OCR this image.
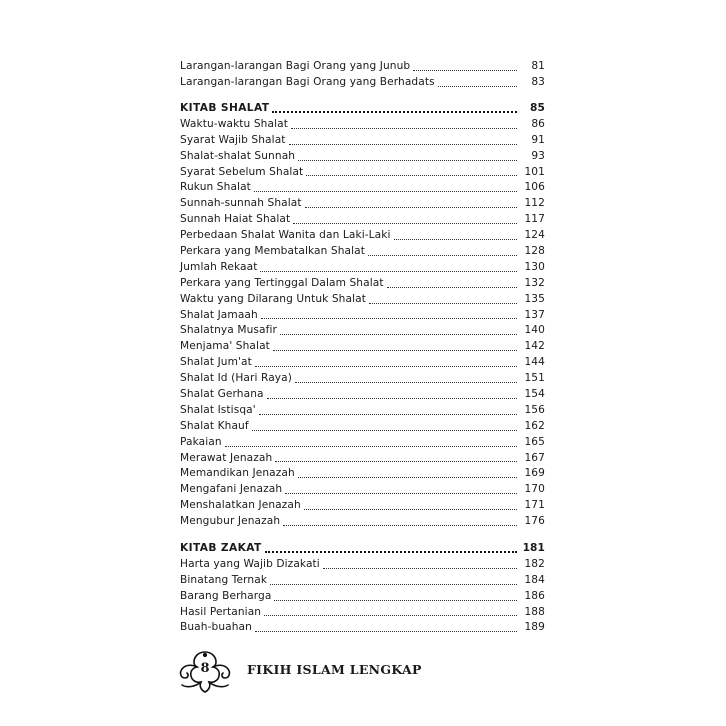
Larangan-larangan Bagi Orang yang Junub	81
Larangan-larangan Bagi Orang yang Berhadats	83
KITAB SHALAT	85
Waktu-waktu Shalat	86
Syarat Wajib Shalat	91
Shalat-shalat Sunnah	93
Syarat Sebelum Shalat	101
Rukun Shalat	106
Sunnah-sunnah Shalat	112
Sunnah Haiat Shalat	117
Perbedaan Shalat Wanita dan Laki-Laki	124
Perkara yang Membatalkan Shalat	128
Jumlah Rekaat	130
Perkara yang Tertinggal Dalam Shalat	132
Waktu yang Dilarang Untuk Shalat	135
Shalat Jamaah	137
Shalatnya Musafir	140
Menjama' Shalat	142
Shalat Jum'at	144
Shalat Id (Hari Raya)	151
Shalat Gerhana	154
Shalat Istisqa'	156
Shalat Khauf	162
Pakaian	165
Merawat Jenazah	167
Memandikan Jenazah	169
Mengafani Jenazah	170
Menshalatkan Jenazah	171
Mengubur Jenazah	176
KITAB ZAKAT	181
Harta yang Wajib Dizakati	182
Binatang Ternak	184
Barang Berharga	186
Hasil Pertanian	188
Buah-buahan	189
8	FIKIH ISLAM LENGKAP
